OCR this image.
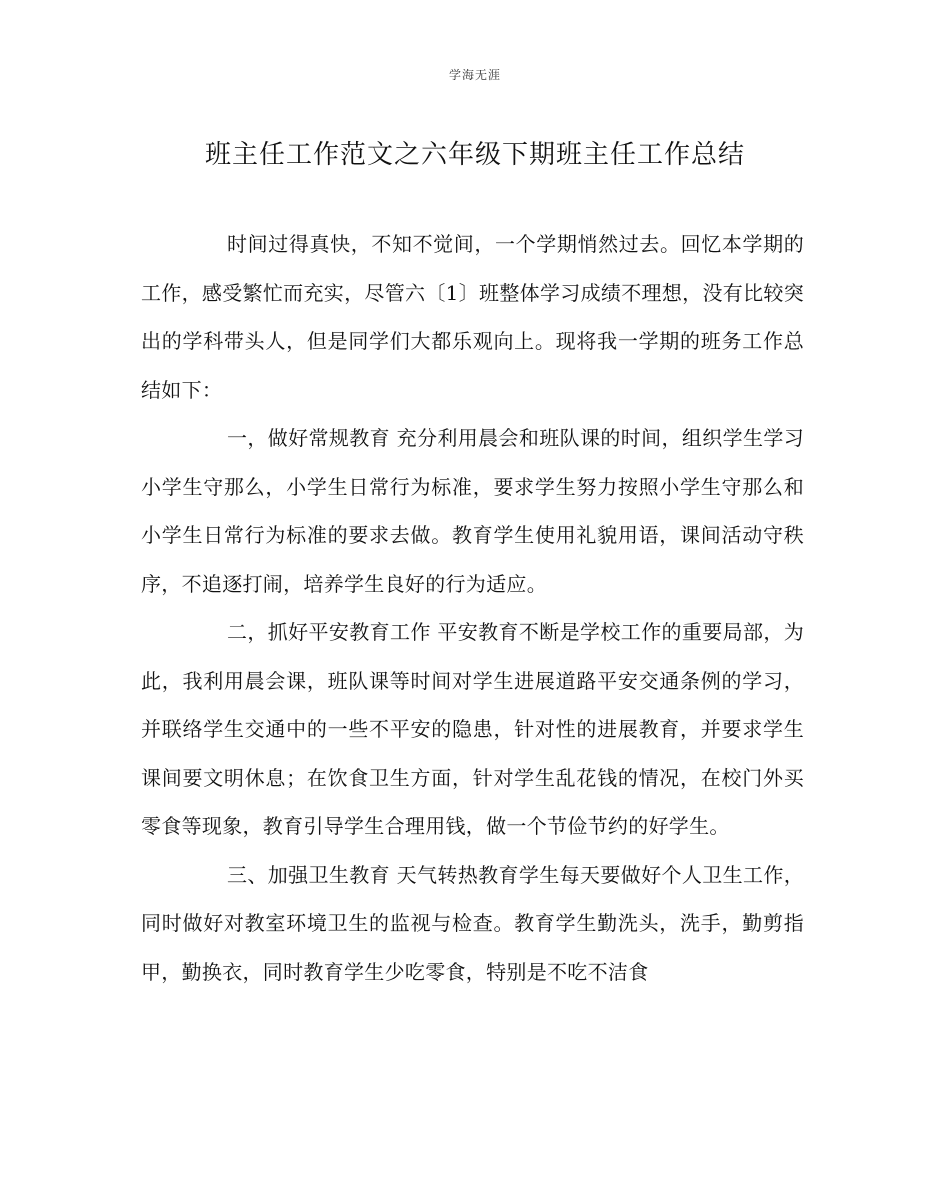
学海无涯
班主任工作范文之六年级下期班主任工作总结

时间过得真快，不知不觉间，一个学期悄然过去。回忆本学期的工作，感受繁忙而充实，尽管六〔1〕班整体学习成绩不理想，没有比较突出的学科带头人，但是同学们大都乐观向上。现将我一学期的班务工作总结如下：

一，做好常规教育 充分利用晨会和班队课的时间，组织学生学习小学生守那么，小学生日常行为标准，要求学生努力按照小学生守那么和小学生日常行为标准的要求去做。教育学生使用礼貌用语，课间活动守秩序，不追逐打闹，培养学生良好的行为适应。

二，抓好平安教育工作 平安教育不断是学校工作的重要局部，为此，我利用晨会课，班队课等时间对学生进展道路平安交通条例的学习，并联络学生交通中的一些不平安的隐患，针对性的进展教育，并要求学生课间要文明休息；在饮食卫生方面，针对学生乱花钱的情况，在校门外买零食等现象，教育引导学生合理用钱，做一个节俭节约的好学生。

三、加强卫生教育 天气转热教育学生每天要做好个人卫生工作，同时做好对教室环境卫生的监视与检查。教育学生勤洗头，洗手，勤剪指甲，勤换衣，同时教育学生少吃零食，特别是不吃不洁食
